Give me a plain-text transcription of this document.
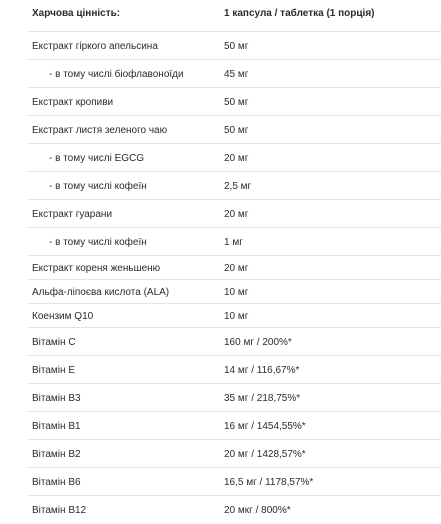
Харчова цінність:	1 капсула / таблетка (1 порція)
Екстракт гіркого апельсина	50 мг
- в тому числі біофлавоноїди	45 мг
Екстракт кропиви	50 мг
Екстракт листя зеленого чаю	50 мг
- в тому числі EGCG	20 мг
- в тому числі кофеїн	2,5 мг
Екстракт гуарани	20 мг
- в тому числі кофеїн	1 мг
Екстракт кореня женьшеню	20 мг
Альфа-ліпоєва кислота (ALA)	10 мг
Коензим Q10	10 мг
Вітамін C	160 мг / 200%*
Вітамін E	14 мг / 116,67%*
Вітамін B3	35 мг / 218,75%*
Вітамін B1	16 мг / 1454,55%*
Вітамін B2	20 мг / 1428,57%*
Вітамін B6	16,5 мг / 1178,57%*
Вітамін B12	20 мкг / 800%*
